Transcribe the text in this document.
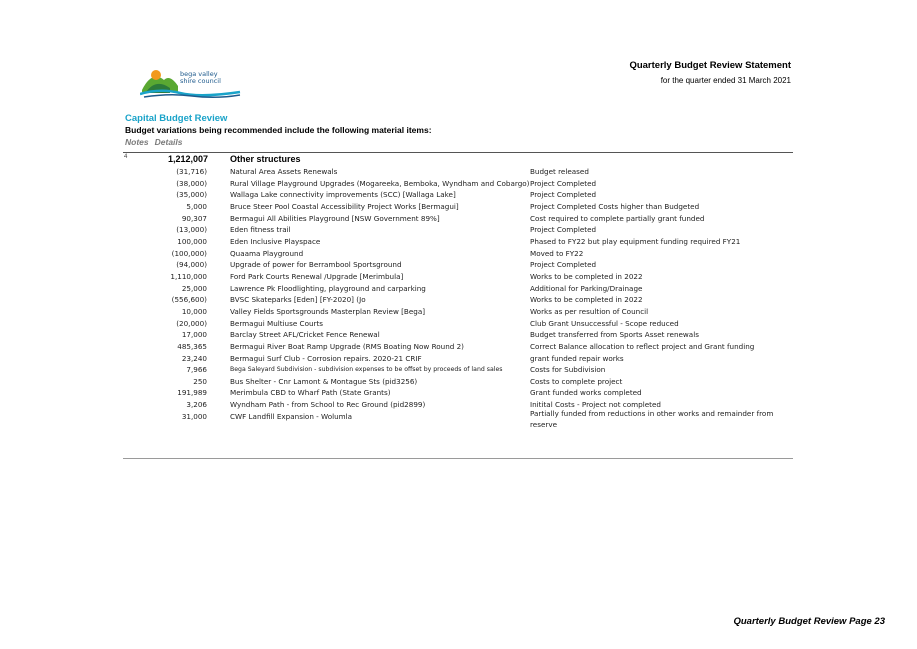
bega valley
shire council
Quarterly Budget Review Statement
for the quarter ended 31 March 2021
Capital Budget Review
Budget variations being recommended include the following material items:
Notes Details
4	1,212,007 Other structures
(31,716)	Natural Area Assets Renewals	Budget released
(38,000)	Rural Village Playground Upgrades (Mogareeka, Bemboka, Wyndham and Cobargo) Project Completed
(35,000)	Wallaga Lake connectivity improvements (SCC) [Wallaga Lake]	Project Completed
5,000	Bruce Steer Pool Coastal Accessibility Project Works [Bermagui]	Project Completed Costs higher than Budgeted
90,307	Bermagui All Abilities Playground [NSW Government 89%]	Cost required to complete partially grant funded
(13,000)	Eden fitness trail	Project Completed
100,000	Eden Inclusive Playspace	Phased to FY22 but play equipment funding required FY21
(100,000)	Quaama Playground	Moved to FY22
(94,000)	Upgrade of power for Berrambool Sportsground	Project Completed
1,110,000	Ford Park Courts Renewal /Upgrade [Merimbula]	Works to be completed in 2022
25,000	Lawrence Pk Floodlighting, playground and carparking	Additional for Parking/Drainage
(556,600)	BVSC Skateparks [Eden] [FY-2020] (Jo	Works to be completed in 2022
10,000	Valley Fields Sportsgrounds Masterplan Review [Bega]	Works as per resultion of Council
(20,000)	Bermagui Multiuse Courts	Club Grant Unsuccessful - Scope reduced
17,000	Barclay Street AFL/Cricket Fence Renewal	Budget transferred from Sports Asset renewals
485,365	Bermagui River Boat Ramp Upgrade (RMS Boating Now Round 2)	Correct Balance allocation to reflect project and Grant funding
23,240	Bermagui Surf Club - Corrosion repairs. 2020-21 CRIF	grant funded repair works
7,966	Bega Saleyard Subdivision - subdivision expenses to be offset by proceeds of land sales	Costs for Subdivision
250	Bus Shelter - Cnr Lamont & Montague Sts (pid3256)	Costs to complete project
191,989	Merimbula CBD to Wharf Path (State Grants)	Grant funded works completed
3,206	Wyndham Path - from School to Rec Ground (pid2899)	Initital Costs - Project not completed
31,000	CWF Landfill Expansion - Wolumla	Partially funded from reductions in other works and remainder from reserve
Quarterly Budget Review Page 23
